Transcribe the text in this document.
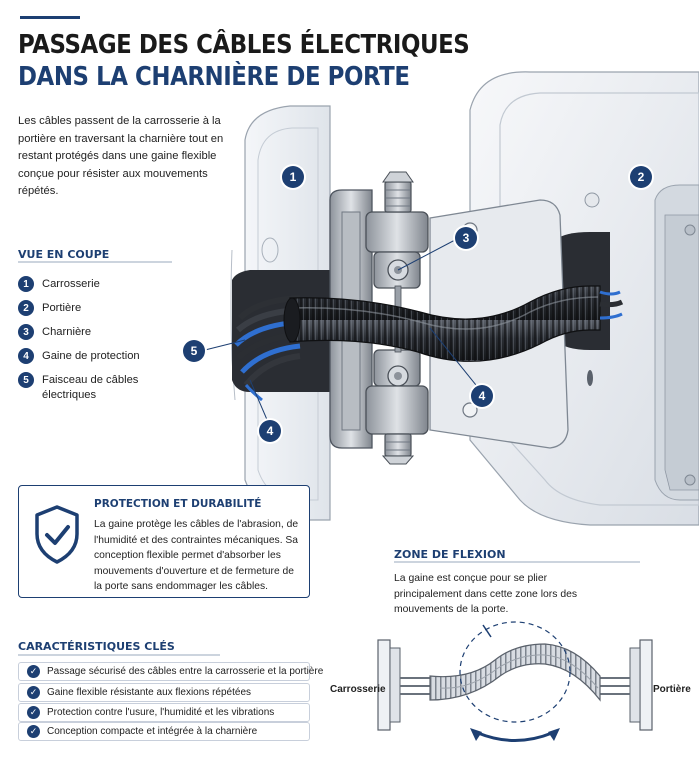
PASSAGE DES CÂBLES ÉLECTRIQUES
DANS LA CHARNIÈRE DE PORTE
Les câbles passent de la carrosserie à la portière en traversant la charnière tout en restant protégés dans une gaine flexible conçue pour résister aux mouvements répétés.
1	2
3
4
5
4
VUE EN COUPE
1	Carrosserie
2	Portière
3	Charnière
4	Gaine de protection
5	Faisceau de câbles électriques
PROTECTION ET DURABILITÉ
La gaine protège les câbles de l'abrasion, de l'humidité et des contraintes mécaniques. Sa conception flexible permet d'absorber les mouvements d'ouverture et de fermeture de la porte sans endommager les câbles.
CARACTÉRISTIQUES CLÉS
✓ Passage sécurisé des câbles entre la carrosserie et la portière
✓ Gaine flexible résistante aux flexions répétées
✓ Protection contre l'usure, l'humidité et les vibrations
✓ Conception compacte et intégrée à la charnière
ZONE DE FLEXION
La gaine est conçue pour se plier principalement dans cette zone lors des mouvements de la porte.
Carrosserie	Portière
